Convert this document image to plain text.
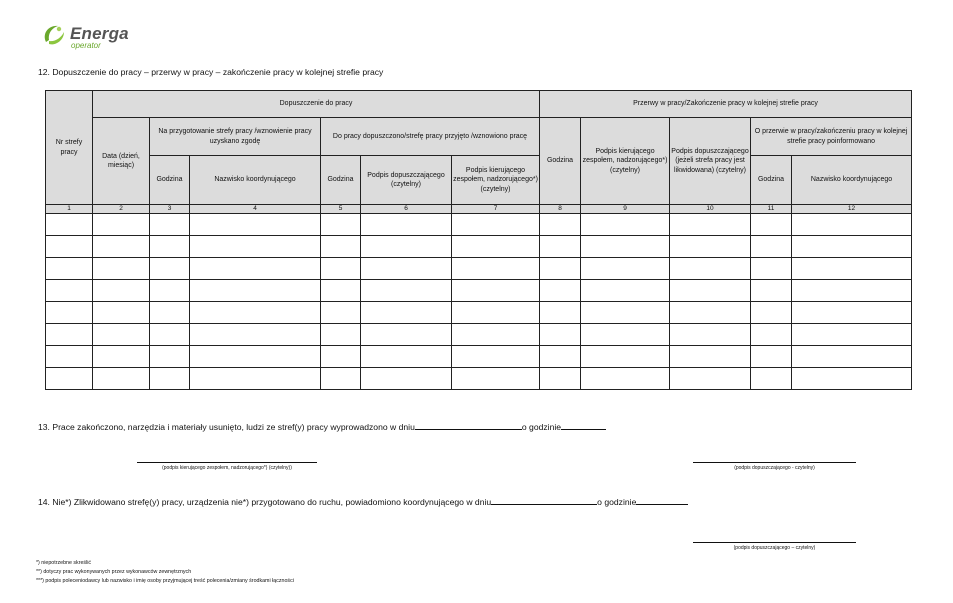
Energa
operator
12. Dopuszczenie do pracy – przerwy w pracy – zakończenie pracy w kolejnej strefie pracy
Nr strefy pracy	Dopuszczenie do pracy						Przerwy w pracy/Zakończenie pracy w kolejnej strefie pracy				
	Data (dzień, miesiąc)	Na przygotowanie strefy pracy /wznowienie pracy uzyskano zgodę		Do pracy dopuszczono/strefę pracy przyjęto /wznowiono pracę			Godzina	Podpis kierującego zespołem, nadzorującego*) (czytelny)	Podpis dopuszczającego (jeżeli strefa pracy jest likwidowana) (czytelny)	O przerwie w pracy/zakończeniu pracy w kolejnej strefie pracy poinformowano	
		Godzina	Nazwisko koordynującego	Godzina	Podpis dopuszczającego (czytelny)	Podpis kierującego zespołem, nadzorującego*) (czytelny)				Godzina	Nazwisko koordynującego
1	2	3	4	5	6	7	8	9	10	11	12

13. Prace zakończono, narzędzia i materiały usunięto, ludzi ze stref(y) pracy wyprowadzono w dniu	o godzinie
(podpis kierującego zespołem, nadzorującego*) (czytelny))	(podpis dopuszczającego - czytelny)
14. Nie*) Zlikwidowano strefę(y) pracy, urządzenia nie*) przygotowano do ruchu, powiadomiono koordynującego w dniu	o godzinie
(podpis dopuszczającego – czytelny)
*) niepotrzebne skreślić
**) dotyczy prac wykonywanych przez wykonawców zewnętrznych
***) podpis poleceniodawcy lub nazwisko i imię osoby przyjmującej treść polecenia/zmiany środkami łączności
